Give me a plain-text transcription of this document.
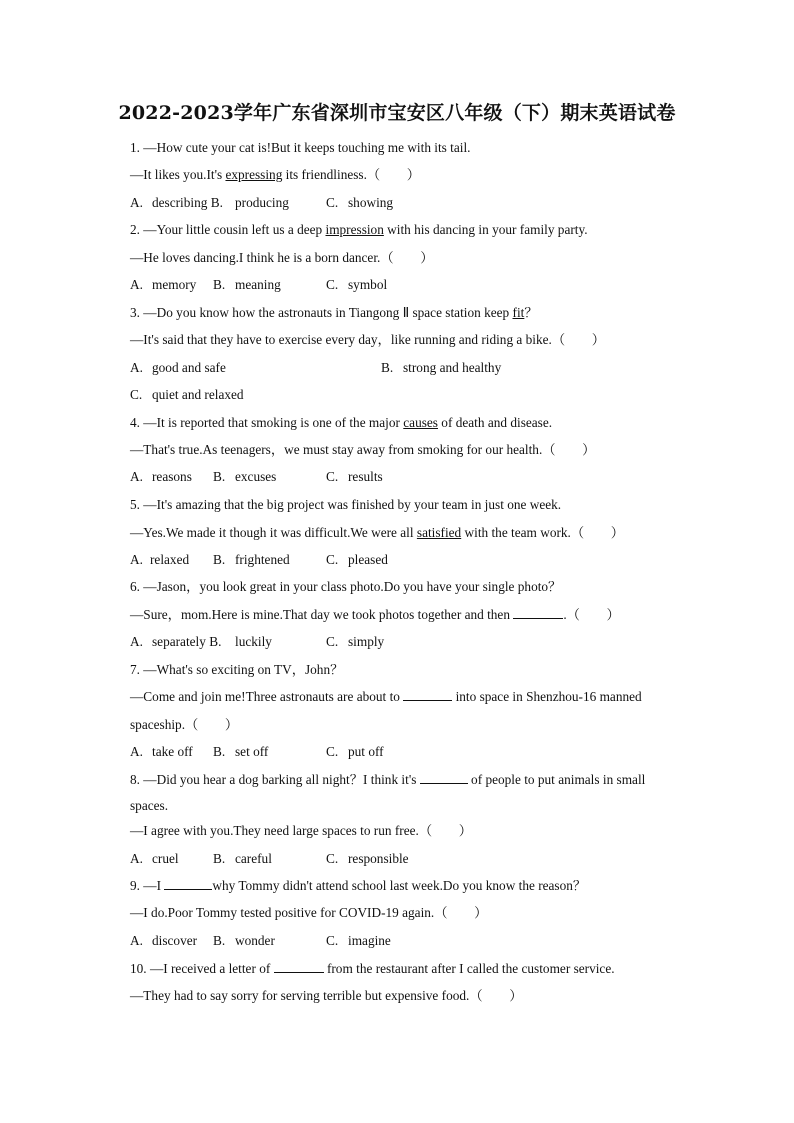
2022-2023学年广东省深圳市宝安区八年级（下）期末英语试卷
1. —How cute your cat is!But it keeps touching me with its tail.
—It likes you.It's expressing its friendliness.（　　）
A. describing B. producing	C. showing
2. —Your little cousin left us a deep impression with his dancing in your family party.
—He loves dancing.I think he is a born dancer.（　　）
A. memory B. meaning	C. symbol
3. —Do you know how the astronauts in Tiangong Ⅱ space station keep fit？
—It's said that they have to exercise every day，like running and riding a bike.（　　）
A. good and safe	B. strong and healthy
C. quiet and relaxed
4. —It is reported that smoking is one of the major causes of death and disease.
—That's true.As teenagers，we must stay away from smoking for our health.（　　）
A. reasons B. excuses	C. results
5. —It's amazing that the big project was finished by your team in just one week.
—Yes.We made it though it was difficult.We were all satisfied with the team work.（　　）
A. relaxed B. frightened	C. pleased
6. —Jason，you look great in your class photo.Do you have your single photo？
—Sure，mom.Here is mine.That day we took photos together and then	.（　　）
A. separately B. luckily	C. simply
7. —What's so exciting on TV，John？
—Come and join me!Three astronauts are about to	into space in Shenzhou-16 manned
spaceship.（　　）
A. take off B. set off	C. put off
8. —Did you hear a dog barking all night？I think it's	of people to put animals in small
spaces.
—I agree with you.They need large spaces to run free.（　　）
A. cruel	B. careful	C. responsible
9. —I	why Tommy didn't attend school last week.Do you know the reason？
—I do.Poor Tommy tested positive for COVID-19 again.（　　）
A. discover B. wonder	C. imagine
10. —I received a letter of	from the restaurant after I called the customer service.
—They had to say sorry for serving terrible but expensive food.（　　）
